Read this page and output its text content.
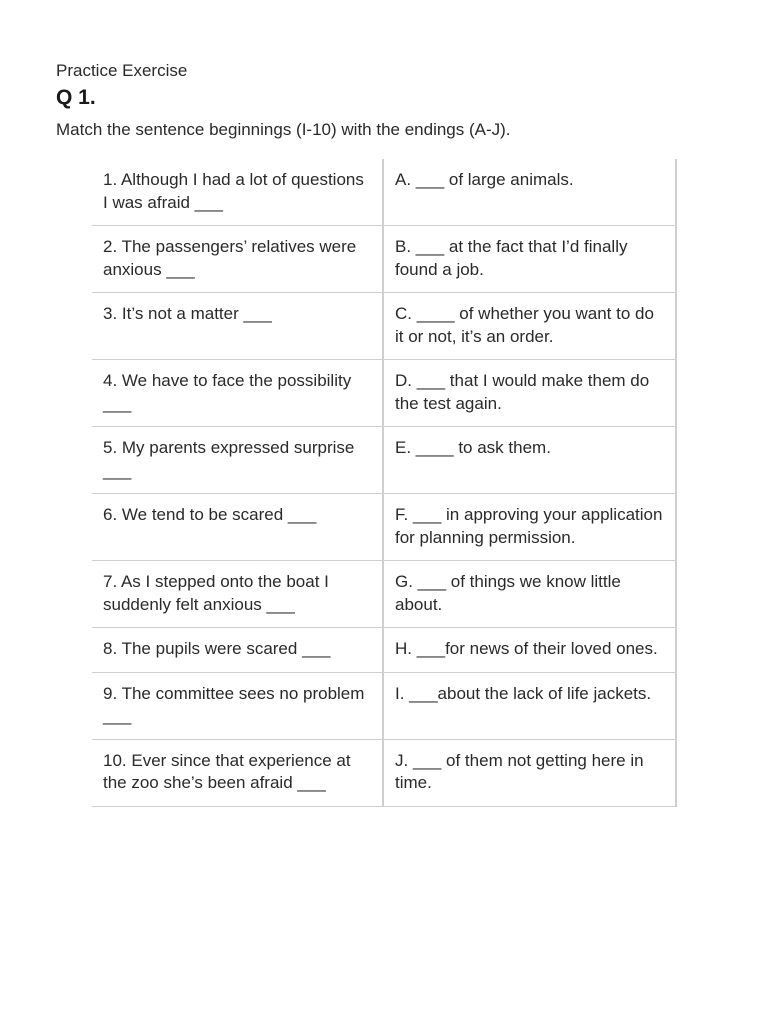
Practice Exercise
Q 1.
Match the sentence beginnings (I-10) with the endings (A-J).
1. Although I had a lot of questions I was afraid ___	A. ___ of large animals.
2. The passengers’ relatives were anxious ___	B. ___ at the fact that I’d finally found a job.
3. It’s not a matter ___	C. ____ of whether you want to do it or not, it’s an order.
4. We have to face the possibility ___	D. ___ that I would make them do the test again.
5. My parents expressed surprise ___	E. ____ to ask them.
6. We tend to be scared ___	F. ___ in approving your application for planning permission.
7. As I stepped onto the boat I suddenly felt anxious ___	G. ___ of things we know little about.
8. The pupils were scared ___	H. ___for news of their loved ones.
9. The committee sees no problem ___	I. ___about the lack of life jackets.
10. Ever since that experience at the zoo she’s been afraid ___	J. ___ of them not getting here in time.
